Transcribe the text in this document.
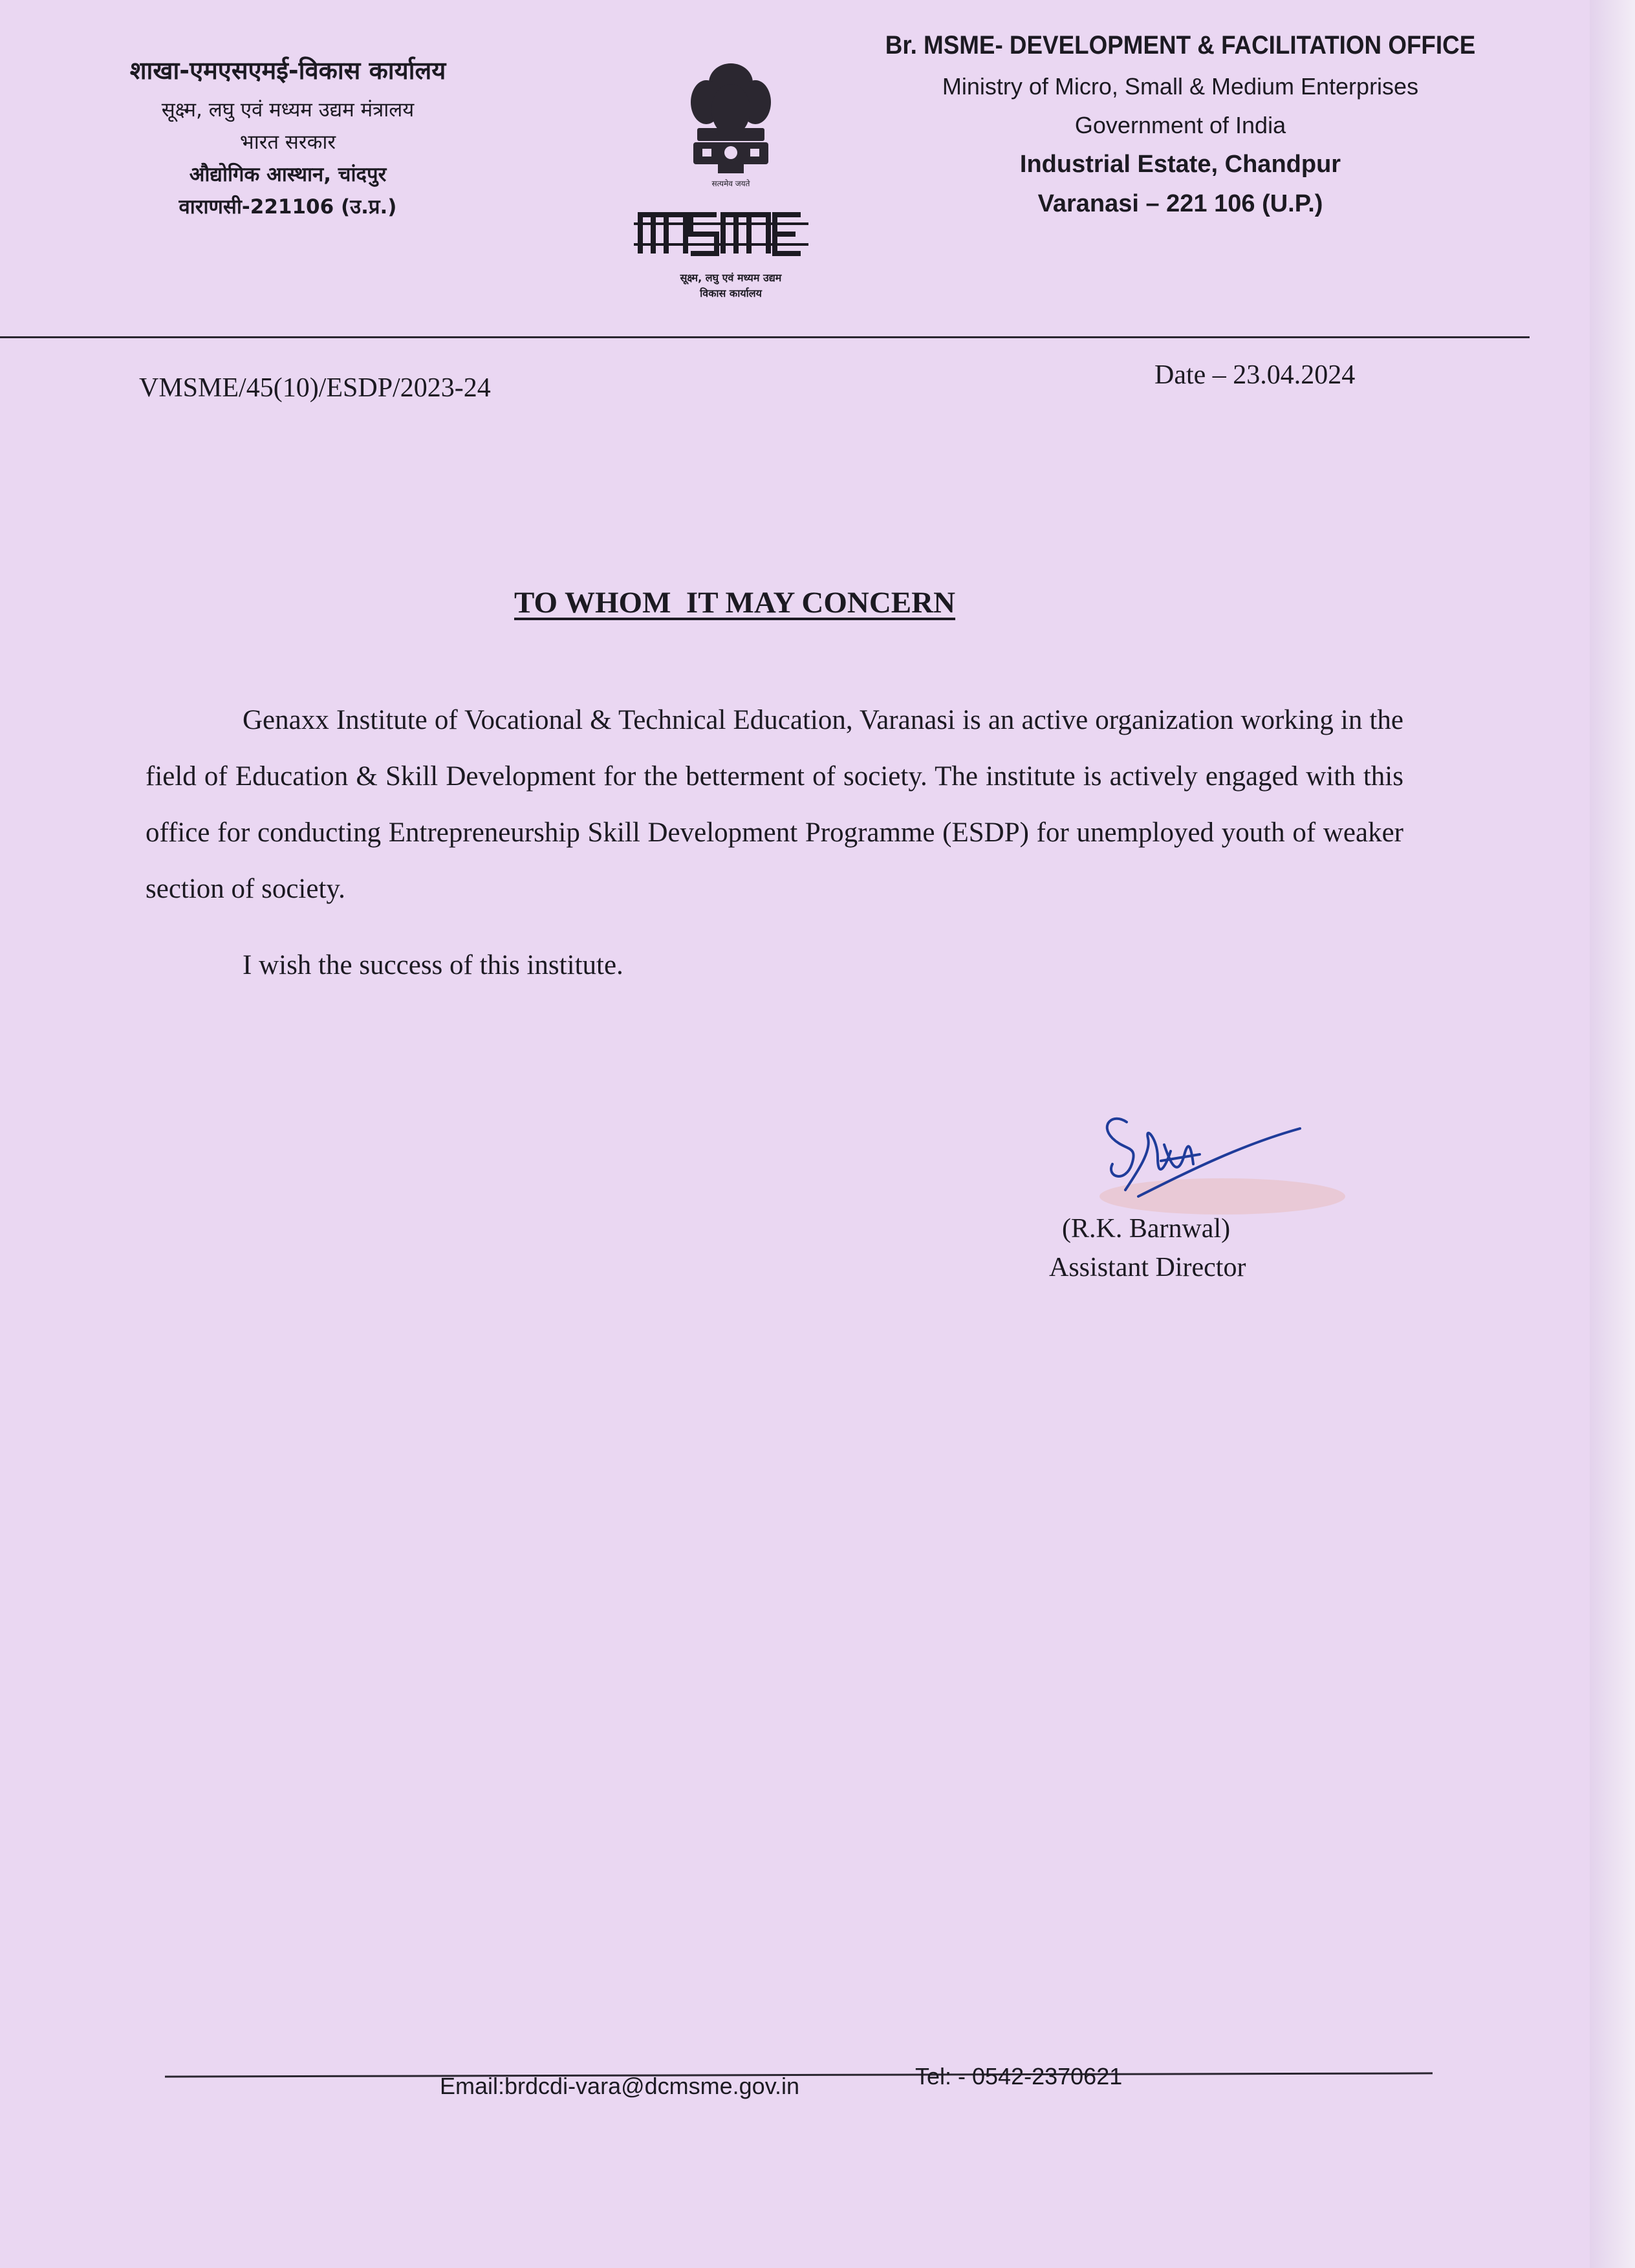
शाखा-एमएसएमई-विकास कार्यालय
सूक्ष्म, लघु एवं मध्यम उद्यम मंत्रालय
भारत सरकार
औद्योगिक आस्थान, चांदपुर
वाराणसी-221106 (उ.प्र.)
सत्यमेव जयते
सूक्ष्म, लघु एवं मध्यम उद्यम
विकास कार्यालय
Br. MSME- DEVELOPMENT & FACILITATION OFFICE
Ministry of Micro, Small & Medium Enterprises
Government of India
Industrial Estate, Chandpur
Varanasi – 221 106 (U.P.)
VMSME/45(10)/ESDP/2023-24	Date – 23.04.2024
TO WHOM  IT MAY CONCERN

Genaxx Institute of Vocational & Technical Education, Varanasi is an active organization working in the field of Education & Skill Development for the betterment of society. The institute is actively engaged with this office for conducting Entrepreneurship Skill Development Programme (ESDP) for unemployed youth of weaker section of society.

I wish the success of this institute.
(R.K. Barnwal)
Assistant Director
Email:brdcdi-vara@dcmsme.gov.in	Tel: - 0542-2370621
